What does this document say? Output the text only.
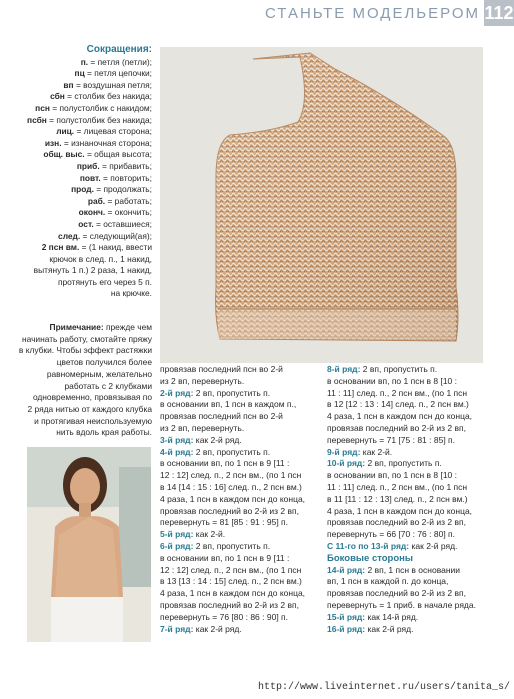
СТАНЬТЕ МОДЕЛЬЕРОМ 112
Сокращения:
п. = петля (петли);
пц = петля цепочки;
вп = воздушная петля;
сбн = столбик без накида;
псн = полустолбик с накидом;
псбн = полустолбик без накида;
лиц. = лицевая сторона;
изн. = изнаночная сторона;
общ. выс. = общая высота;
приб. = прибавить;
повт. = повторить;
прод. = продолжать;
раб. = работать;
оконч. = окончить;
ост. = оставшиеся;
след. = следующий(ая);
2 псн вм. = (1 накид, ввести
крючок в след. п., 1 накид,
вытянуть 1 п.) 2 раза, 1 накид,
протянуть его через 5 п.
на крючке.
Примечание: прежде чем
начинать работу, смотайте пряжу
в клубки. Чтобы эффект растяжки
цветов получился более
равномерным, желательно
работать с 2 клубками
одновременно, провязывая по
2 ряда нитью от каждого клубка
и протягивая неиспользуемую
нить вдоль края работы.
провязав последний псн во 2-й
из 2 вп, перевернуть.
2-й ряд: 2 вп, пропустить п.
в основании вп, 1 псн в каждом п.,
провязав последний псн во 2-й
из 2 вп, перевернуть.
3-й ряд: как 2-й ряд.
4-й ряд: 2 вп, пропустить п.
в основании вп, по 1 псн в 9 [11 :
12 : 12] след. п., 2 псн вм., (по 1 псн
в 14 [14 : 15 : 16] след. п., 2 псн вм.)
4 раза, 1 псн в каждом псн до конца,
провязав последний во 2-й из 2 вп,
перевернуть = 81 [85 : 91 : 95] п.
5-й ряд: как 2-й.
6-й ряд: 2 вп, пропустить п.
в основании вп, по 1 псн в 9 [11 :
12 : 12] след. п., 2 псн вм., (по 1 псн
в 13 [13 : 14 : 15] след. п., 2 псн вм.)
4 раза, 1 псн в каждом псн до конца,
провязав последний во 2-й из 2 вп,
перевернуть = 76 [80 : 86 : 90] п.
7-й ряд: как 2-й ряд.
8-й ряд: 2 вп, пропустить п.
в основании вп, по 1 псн в 8 [10 :
11 : 11] след. п., 2 псн вм., (по 1 псн
в 12 [12 : 13 : 14] след. п., 2 псн вм.)
4 раза, 1 псн в каждом псн до конца,
провязав последний во 2-й из 2 вп,
перевернуть = 71 [75 : 81 : 85] п.
9-й ряд: как 2-й.
10-й ряд: 2 вп, пропустить п.
в основании вп, по 1 псн в 8 [10 :
11 : 11] след. п., 2 псн вм., (по 1 псн
в 11 [11 : 12 : 13] след. п., 2 псн вм.)
4 раза, 1 псн в каждом псн до конца,
провязав последний во 2-й из 2 вп,
перевернуть = 66 [70 : 76 : 80] п.
С 11-го по 13-й ряд: как 2-й ряд.
Боковые стороны
14-й ряд: 2 вп, 1 псн в основании
вп, 1 псн в каждой п. до конца,
провязав последний во 2-й из 2 вп,
перевернуть = 1 приб. в начале ряда.
15-й ряд: как 14-й ряд.
16-й ряд: как 2-й ряд.
http://www.liveinternet.ru/users/tanita_s/
